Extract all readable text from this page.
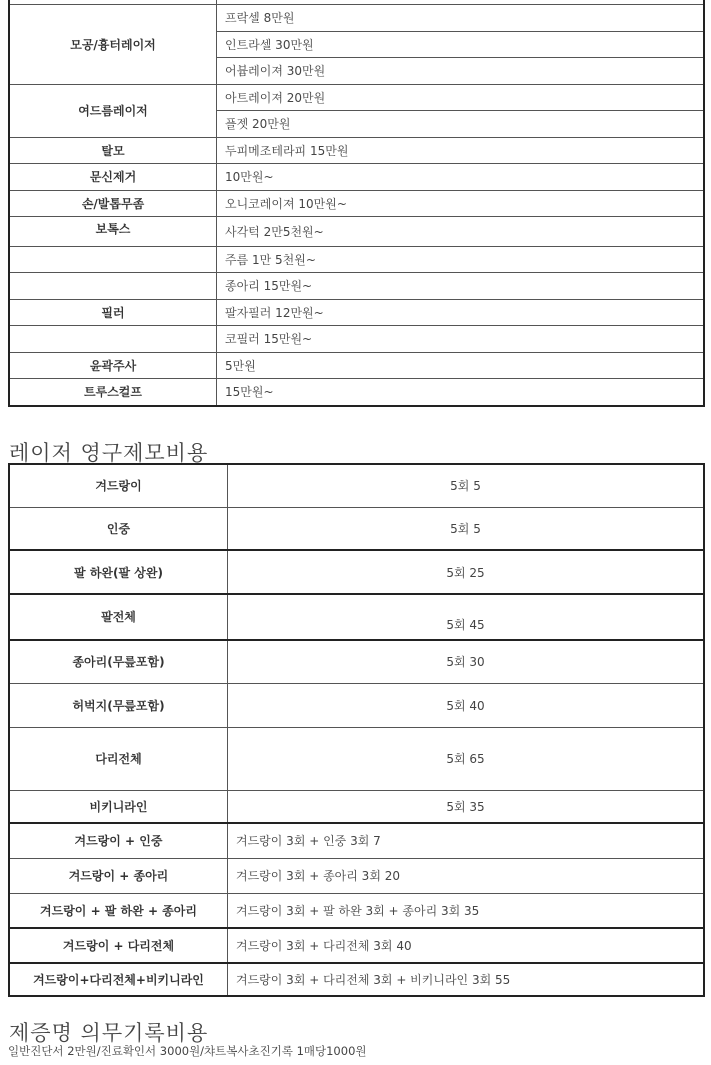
모공/흉터레이저	프락셀 8만원
	인트라셀 30만원
	어븀레이져 30만원
여드름레이저	아트레이져 20만원
	플젯 20만원
탈모	두피메조테라피 15만원
문신제거	10만원~
손/발톱무좀	오니코레이져 10만원~
보톡스	사각턱 2만5천원~
	주름 1만 5천원~
	종아리 15만원~
필러	팔자필러 12만원~
	코필러 15만원~
윤곽주사	5만원
트루스컬프	15만원~
레이저 영구제모비용
겨드랑이	5회 5
인중	5회 5
팔 하완(팔 상완)	5회 25
팔전체	5회 45
종아리(무릎포함)	5회 30
허벅지(무릎포함)	5회 40
다리전체	5회 65
비키니라인	5회 35
겨드랑이 + 인중	겨드랑이 3회 + 인중 3회 7
겨드랑이 + 종아리	겨드랑이 3회 + 종아리 3회 20
겨드랑이 + 팔 하완 + 종아리	겨드랑이 3회 + 팔 하완 3회 + 종아리 3회 35
겨드랑이 + 다리전체	겨드랑이 3회 + 다리전체 3회 40
겨드랑이+다리전체+비키니라인	겨드랑이 3회 + 다리전체 3회 + 비키니라인 3회 55
제증명 의무기록비용
일반진단서 2만원/진료확인서 3000원/챠트복사초진기록 1매당1000원
